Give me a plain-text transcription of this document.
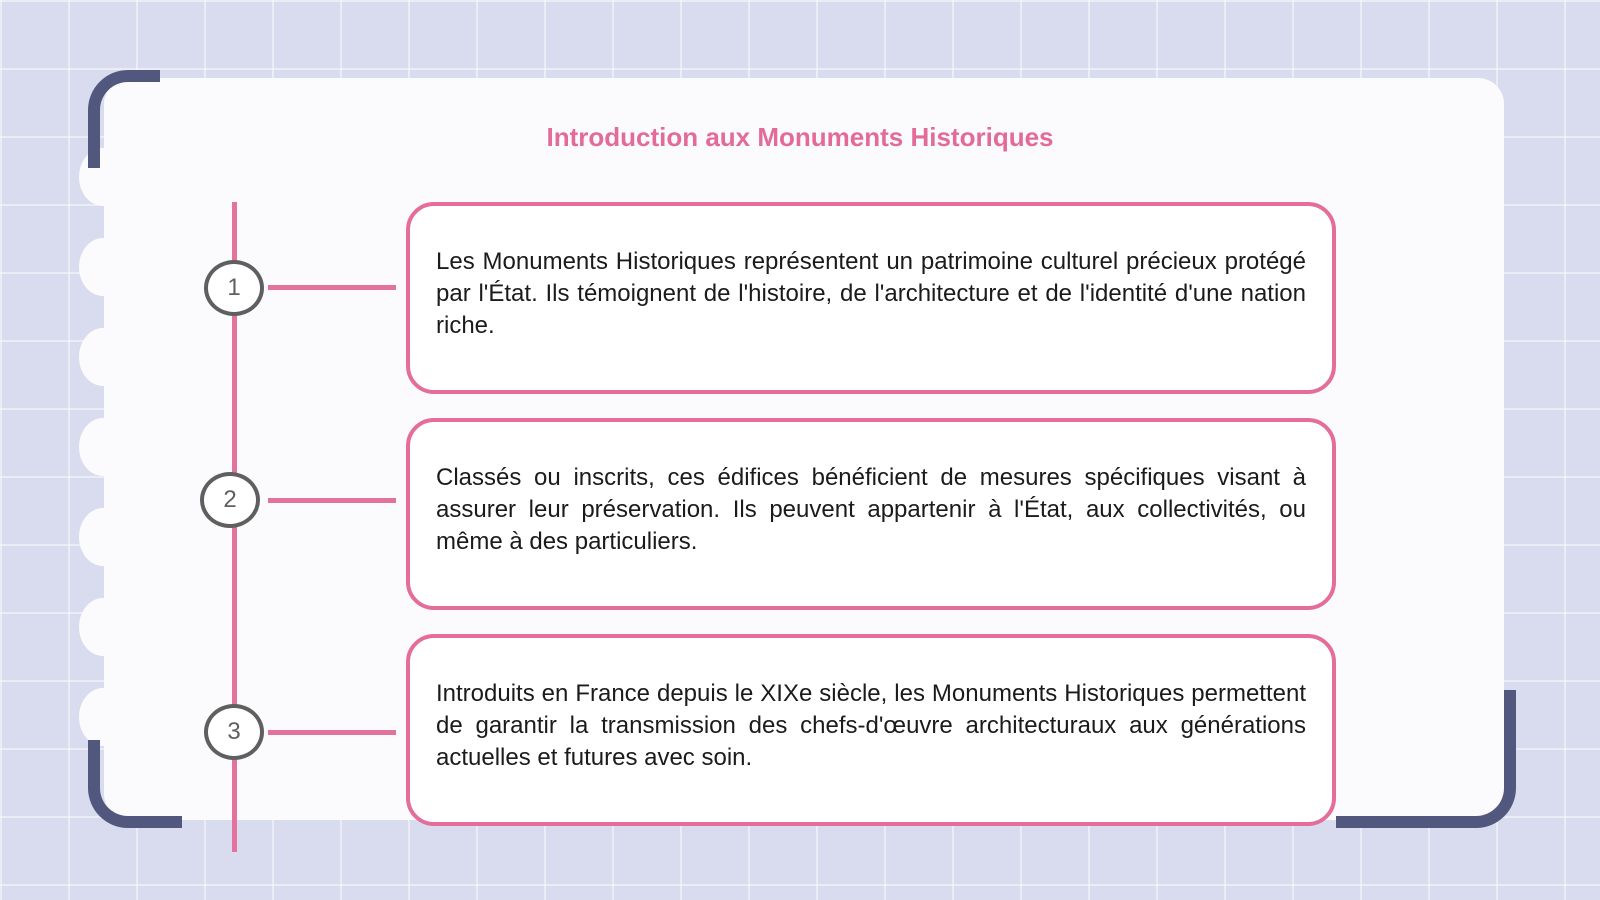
Introduction aux Monuments Historiques
1
2
3

Les Monuments Historiques représentent un patrimoine culturel précieux protégé par l'État. Ils témoignent de l'histoire, de l'architecture et de l'identité d'une nation riche.

Classés ou inscrits, ces édifices bénéficient de mesures spécifiques visant à assurer leur préservation. Ils peuvent appartenir à l'État, aux collectivités, ou même à des particuliers.

Introduits en France depuis le XIXe siècle, les Monuments Historiques permettent de garantir la transmission des chefs-d'œuvre architecturaux aux générations actuelles et futures avec soin.
